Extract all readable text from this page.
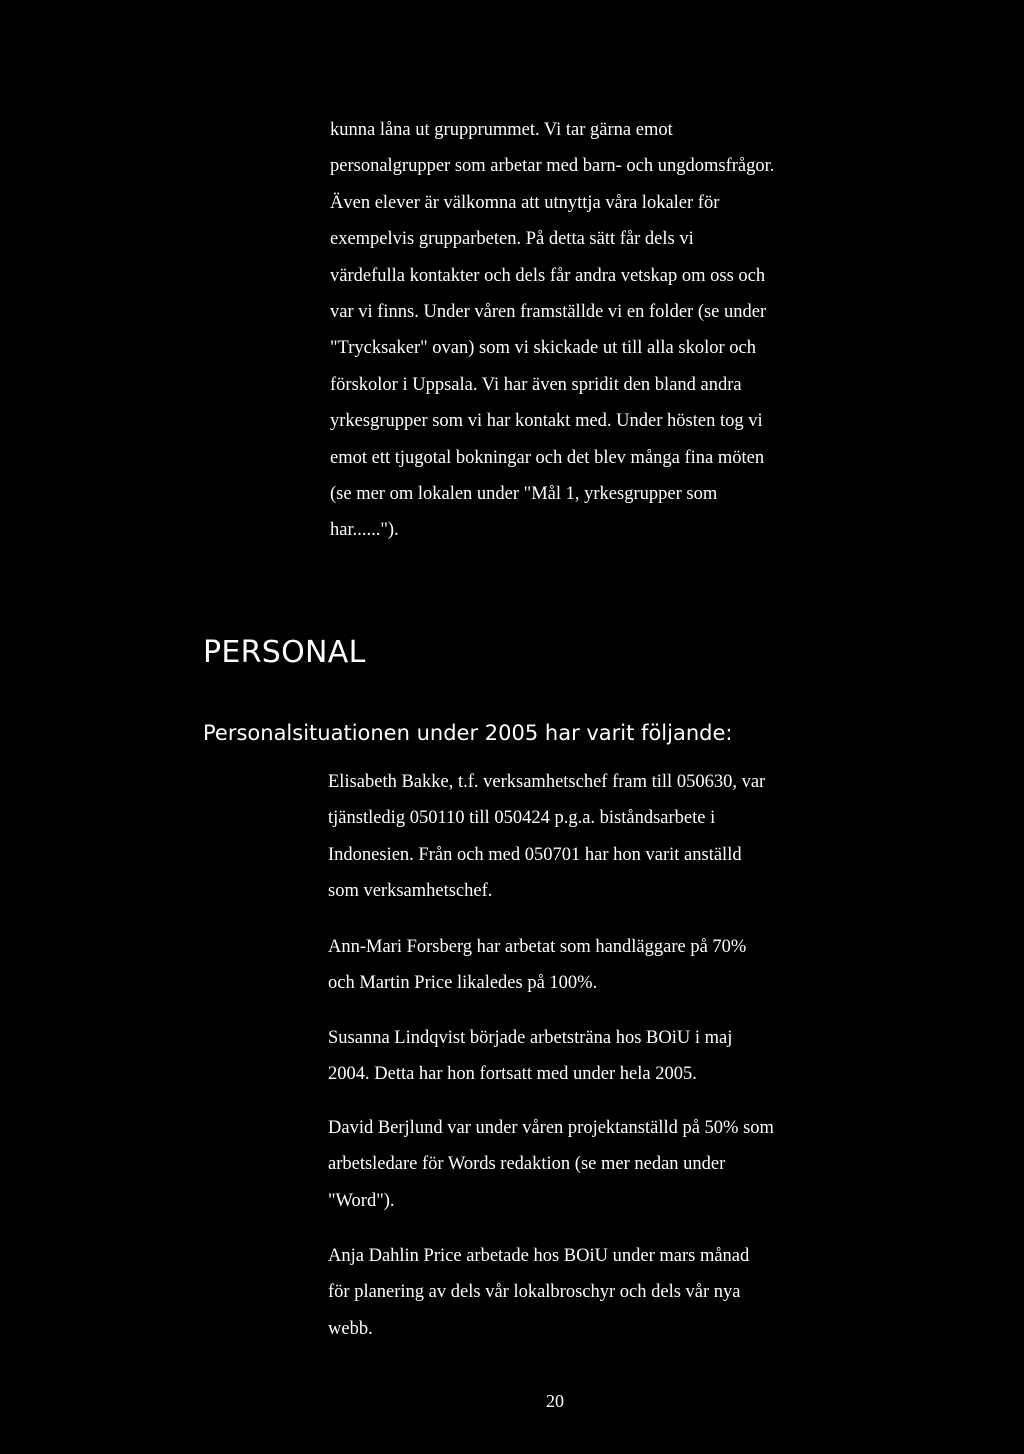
kunna låna ut grupprummet. Vi tar gärna emot
personalgrupper som arbetar med barn- och ungdomsfrågor.
Även elever är välkomna att utnyttja våra lokaler för
exempelvis grupparbeten. På detta sätt får dels vi
värdefulla kontakter och dels får andra vetskap om oss och
var vi finns. Under våren framställde vi en folder (se under
"Trycksaker" ovan) som vi skickade ut till alla skolor och
förskolor i Uppsala. Vi har även spridit den bland andra
yrkesgrupper som vi har kontakt med. Under hösten tog vi
emot ett tjugotal bokningar och det blev många fina möten
(se mer om lokalen under "Mål 1, yrkesgrupper som
har......").
PERSONAL
Personalsituationen under 2005 har varit följande:

Elisabeth Bakke, t.f. verksamhetschef fram till 050630, var
tjänstledig 050110 till 050424 p.g.a. biståndsarbete i
Indonesien. Från och med 050701 har hon varit anställd
som verksamhetschef.

Ann-Mari Forsberg har arbetat som handläggare på 70%
och Martin Price likaledes på 100%.

Susanna Lindqvist började arbetsträna hos BOiU i maj
2004. Detta har hon fortsatt med under hela 2005.

David Berjlund var under våren projektanställd på 50% som
arbetsledare för Words redaktion (se mer nedan under
"Word").

Anja Dahlin Price arbetade hos BOiU under mars månad
för planering av dels vår lokalbroschyr och dels vår nya
webb.

20
